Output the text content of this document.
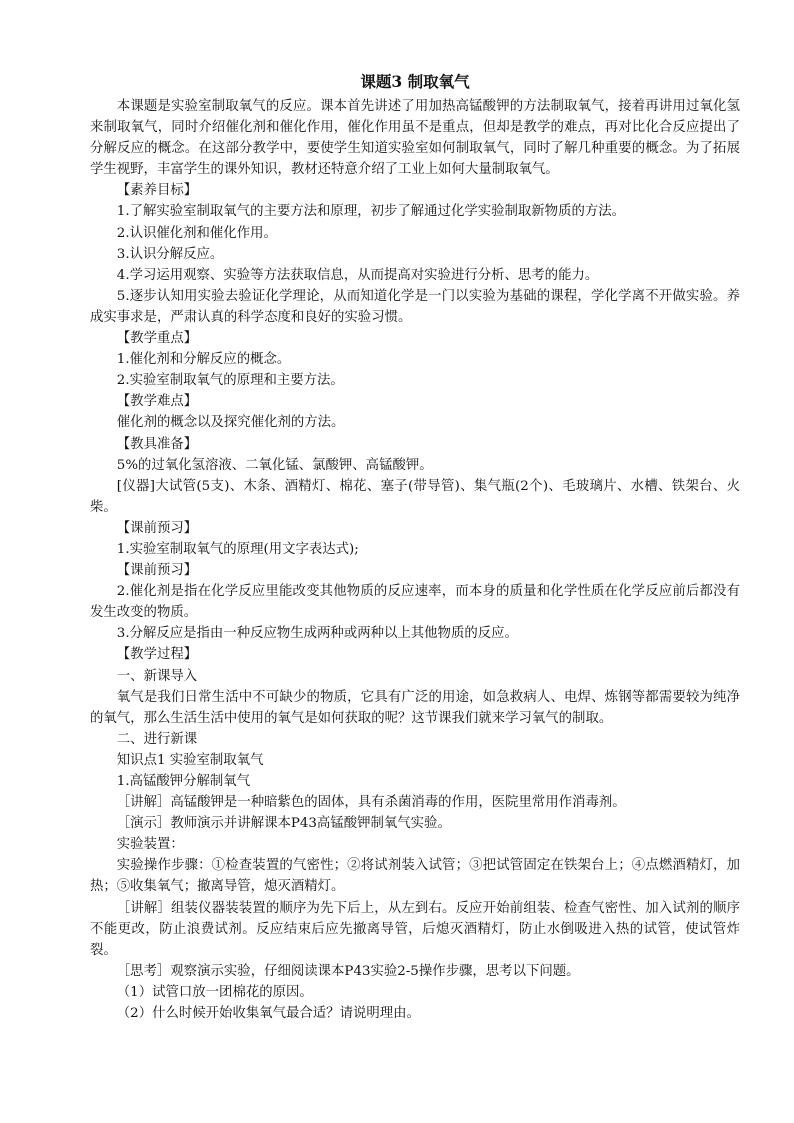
课题3 制取氧气

本课题是实验室制取氧气的反应。课本首先讲述了用加热高锰酸钾的方法制取氧气，接着再讲用过氧化氢来制取氧气，同时介绍催化剂和催化作用，催化作用虽不是重点，但却是教学的难点，再对比化合反应提出了分解反应的概念。在这部分教学中，要使学生知道实验室如何制取氧气，同时了解几种重要的概念。为了拓展学生视野，丰富学生的课外知识，教材还特意介绍了工业上如何大量制取氧气。

【素养目标】

1.了解实验室制取氧气的主要方法和原理，初步了解通过化学实验制取新物质的方法。

2.认识催化剂和催化作用。

3.认识分解反应。

4.学习运用观察、实验等方法获取信息，从而提高对实验进行分析、思考的能力。

5.逐步认知用实验去验证化学理论，从而知道化学是一门以实验为基础的课程，学化学离不开做实验。养成实事求是，严肃认真的科学态度和良好的实验习惯。

【教学重点】

1.催化剂和分解反应的概念。

2.实验室制取氧气的原理和主要方法。

【教学难点】

催化剂的概念以及探究催化剂的方法。

【教具准备】

5%的过氧化氢溶液、二氧化锰、氯酸钾、高锰酸钾。

[仪器]大试管(5支)、木条、酒精灯、棉花、塞子(带导管)、集气瓶(2个)、毛玻璃片、水槽、铁架台、火柴。

【课前预习】

1.实验室制取氧气的原理(用文字表达式);

【课前预习】

2.催化剂是指在化学反应里能改变其他物质的反应速率，而本身的质量和化学性质在化学反应前后都没有发生改变的物质。

3.分解反应是指由一种反应物生成两种或两种以上其他物质的反应。

【教学过程】

一、新课导入

氧气是我们日常生活中不可缺少的物质，它具有广泛的用途，如急救病人、电焊、炼钢等都需要较为纯净的氧气，那么生活生活中使用的氧气是如何获取的呢？这节课我们就来学习氧气的制取。

二、进行新课

知识点1 实验室制取氧气

1.高锰酸钾分解制氧气

［讲解］高锰酸钾是一种暗紫色的固体，具有杀菌消毒的作用，医院里常用作消毒剂。

［演示］教师演示并讲解课本P43高锰酸钾制氧气实验。

实验装置：

实验操作步骤：①检查装置的气密性；②将试剂装入试管；③把试管固定在铁架台上；④点燃酒精灯，加热；⑤收集氧气；撤离导管，熄灭酒精灯。

［讲解］组装仪器装装置的顺序为先下后上，从左到右。反应开始前组装、检查气密性、加入试剂的顺序不能更改，防止浪费试剂。反应结束后应先撤离导管，后熄灭酒精灯，防止水倒吸进入热的试管，使试管炸裂。

［思考］观察演示实验，仔细阅读课本P43实验2-5操作步骤，思考以下问题。

（1）试管口放一团棉花的原因。

（2）什么时候开始收集氧气最合适？请说明理由。
